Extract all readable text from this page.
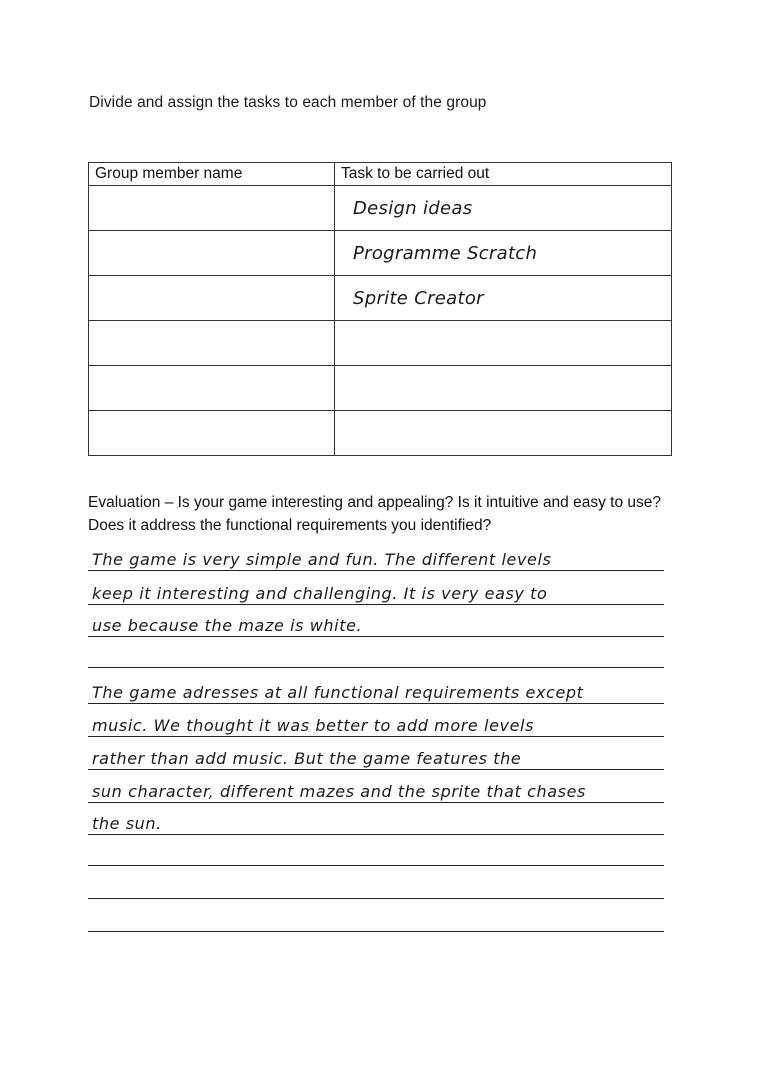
Divide and assign the tasks to each member of the group
Group member name	Task to be carried out
	Design ideas
	Programme Scratch
	Sprite Creator

Evaluation – Is your game interesting and appealing? Is it intuitive and easy to use? Does it address the functional requirements you identified?
The game is very simple and fun. The different levels
keep it interesting and challenging. It is very easy to
use because the maze is white.
The game adresses at all functional requirements except
music. We thought it was better to add more levels
rather than add music. But the game features the
sun character, different mazes and the sprite that chases
the sun.
